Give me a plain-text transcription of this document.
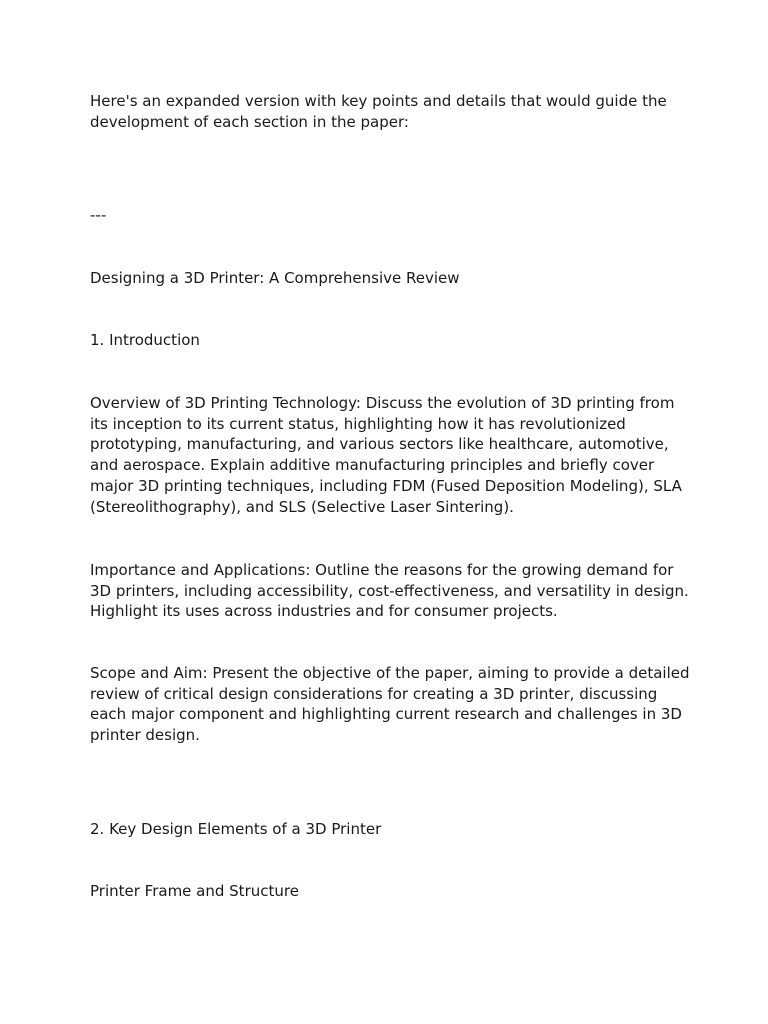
Here's an expanded version with key points and details that would guide the development of each section in the paper:

---

Designing a 3D Printer: A Comprehensive Review

1. Introduction

Overview of 3D Printing Technology: Discuss the evolution of 3D printing from its inception to its current status, highlighting how it has revolutionized prototyping, manufacturing, and various sectors like healthcare, automotive, and aerospace. Explain additive manufacturing principles and briefly cover major 3D printing techniques, including FDM (Fused Deposition Modeling), SLA (Stereolithography), and SLS (Selective Laser Sintering).

Importance and Applications: Outline the reasons for the growing demand for 3D printers, including accessibility, cost-effectiveness, and versatility in design. Highlight its uses across industries and for consumer projects.

Scope and Aim: Present the objective of the paper, aiming to provide a detailed review of critical design considerations for creating a 3D printer, discussing each major component and highlighting current research and challenges in 3D printer design.

2. Key Design Elements of a 3D Printer

Printer Frame and Structure
